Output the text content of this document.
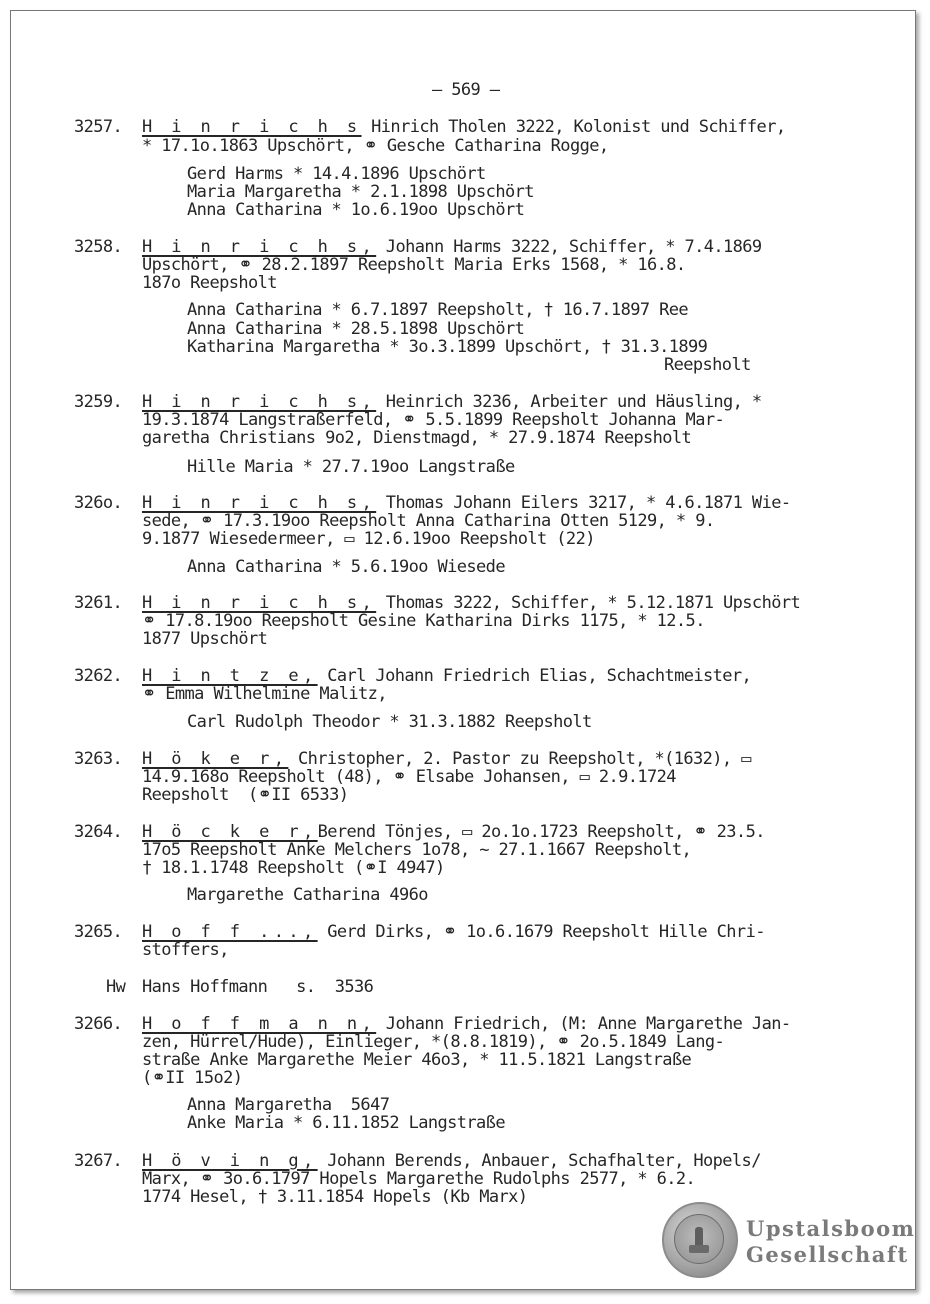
– 569 –
3257. H i n r i c h s Hinrich Tholen 3222, Kolonist und Schiffer,
* 17.1o.1863 Upschört, ⚭ Gesche Catharina Rogge,
Gerd Harms * 14.4.1896 Upschört
Maria Margaretha * 2.1.1898 Upschört
Anna Catharina * 1o.6.19oo Upschört
3258. H i n r i c h s, Johann Harms 3222, Schiffer, * 7.4.1869
Upschört, ⚭ 28.2.1897 Reepsholt Maria Erks 1568, * 16.8.
187o Reepsholt
Anna Catharina * 6.7.1897 Reepsholt, † 16.7.1897 Ree
Anna Catharina * 28.5.1898 Upschört
Katharina Margaretha * 3o.3.1899 Upschört, † 31.3.1899
Reepsholt
3259. H i n r i c h s, Heinrich 3236, Arbeiter und Häusling, *
19.3.1874 Langstraßerfeld, ⚭ 5.5.1899 Reepsholt Johanna Mar-
garetha Christians 9o2, Dienstmagd, * 27.9.1874 Reepsholt
Hille Maria * 27.7.19oo Langstraße
326o. H i n r i c h s, Thomas Johann Eilers 3217, * 4.6.1871 Wie-
sede, ⚭ 17.3.19oo Reepsholt Anna Catharina Otten 5129, * 9.
9.1877 Wiesedermeer, ▭ 12.6.19oo Reepsholt (22)
Anna Catharina * 5.6.19oo Wiesede
3261. H i n r i c h s, Thomas 3222, Schiffer, * 5.12.1871 Upschört
⚭ 17.8.19oo Reepsholt Gesine Katharina Dirks 1175, * 12.5.
1877 Upschört
3262. H i n t z e, Carl Johann Friedrich Elias, Schachtmeister,
⚭ Emma Wilhelmine Malitz,
Carl Rudolph Theodor * 31.3.1882 Reepsholt
3263. H ö k e r, Christopher, 2. Pastor zu Reepsholt, *(1632), ▭
14.9.168o Reepsholt (48), ⚭ Elsabe Johansen, ▭ 2.9.1724
Reepsholt  (⚭II 6533)
3264. H ö c k e r,Berend Tönjes, ▭ 2o.1o.1723 Reepsholt, ⚭ 23.5.
17o5 Reepsholt Anke Melchers 1o78, ~ 27.1.1667 Reepsholt,
† 18.1.1748 Reepsholt (⚭I 4947)
Margarethe Catharina 496o
3265. H o f f ..., Gerd Dirks, ⚭ 1o.6.1679 Reepsholt Hille Chri-
stoffers,
Hw Hans Hoffmann   s.  3536
3266. H o f f m a n n, Johann Friedrich, (M: Anne Margarethe Jan-
zen, Hürrel/Hude), Einlieger, *(8.8.1819), ⚭ 2o.5.1849 Lang-
straße Anke Margarethe Meier 46o3, * 11.5.1821 Langstraße
(⚭II 15o2)
Anna Margaretha  5647
Anke Maria * 6.11.1852 Langstraße
3267. H ö v i n g, Johann Berends, Anbauer, Schafhalter, Hopels/
Marx, ⚭ 3o.6.1797 Hopels Margarethe Rudolphs 2577, * 6.2.
1774 Hesel, † 3.11.1854 Hopels (Kb Marx)
Upstalsboom
Gesellschaft
